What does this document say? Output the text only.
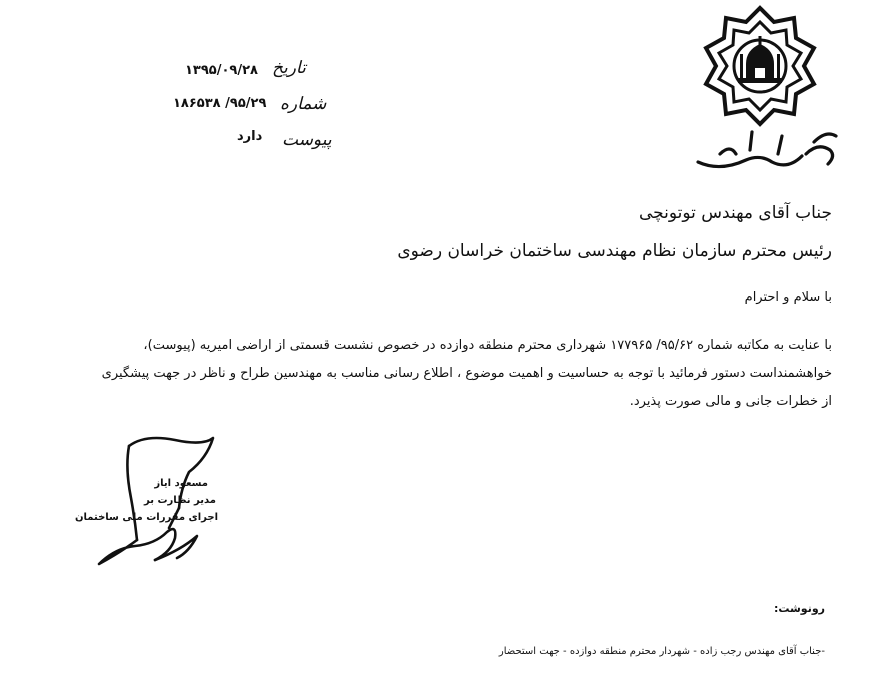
تاریخ
۱۳۹۵/۰۹/۲۸
شماره
۹۵/۲۹/ ۱۸۶۵۳۸
پیوست
دارد
جناب آقای مهندس توتونچی
رئیس محترم سازمان نظام مهندسی ساختمان خراسان رضوی
با سلام و احترام
با عنایت به مکاتبه شماره ۹۵/۶۲/ ۱۷۷۹۶۵ شهرداری محترم منطقه دوازده در خصوص نشست قسمتی از اراضی امیریه (پیوست)،
خواهشمنداست دستور فرمائید با توجه به حساسیت و اهمیت موضوع ، اطلاع رسانی مناسب به مهندسین طراح و ناظر در جهت پیشگیری
از خطرات جانی و مالی صورت پذیرد.
مسعود ایاز
مدیر نظارت بر
اجرای مقررات ملی ساختمان
رونوشت:
-جناب آقای مهندس رجب زاده - شهردار محترم منطقه دوازده - جهت استحضار
